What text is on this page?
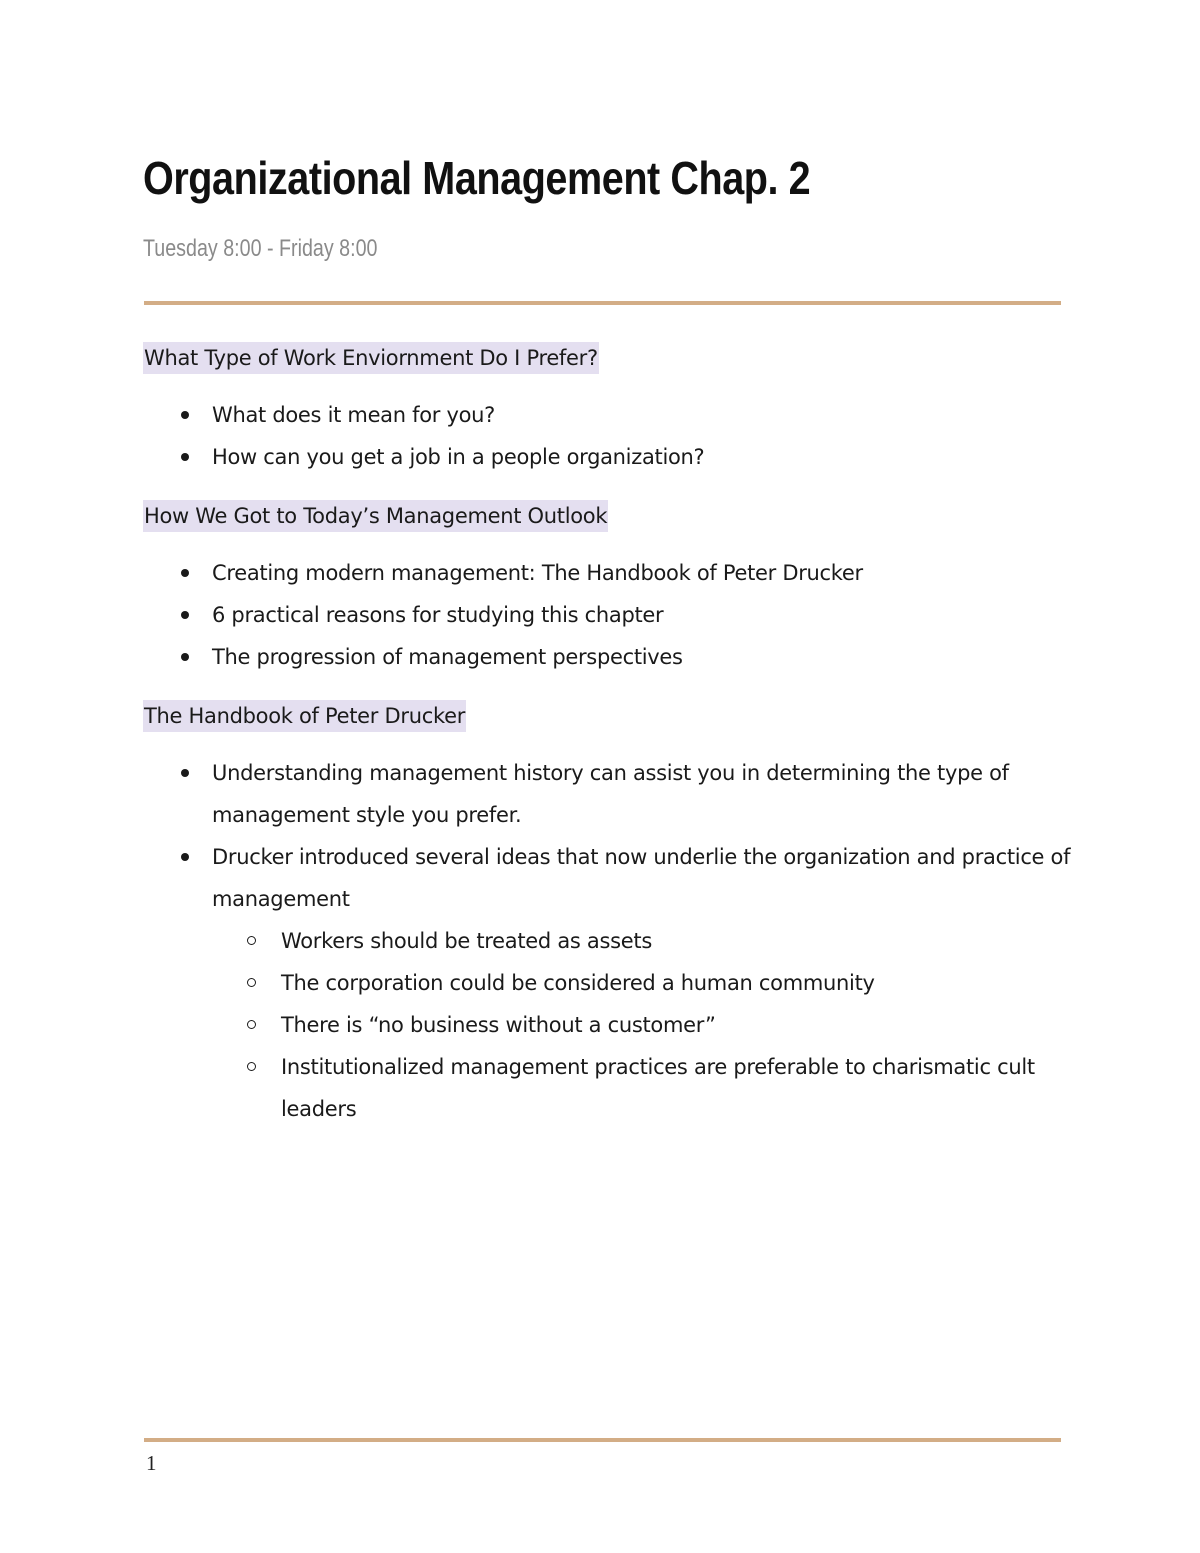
Organizational Management Chap. 2
Tuesday 8:00 - Friday 8:00
What Type of Work Enviornment Do I Prefer?
What does it mean for you?
How can you get a job in a people organization?
How We Got to Today’s Management Outlook
Creating modern management: The Handbook of Peter Drucker
6 practical reasons for studying this chapter
The progression of management perspectives
The Handbook of Peter Drucker
Understanding management history can assist you in determining the type of management style you prefer.
Drucker introduced several ideas that now underlie the organization and practice of management
Workers should be treated as assets
The corporation could be considered a human community
There is “no business without a customer”
Institutionalized management practices are preferable to charismatic cult leaders
1
